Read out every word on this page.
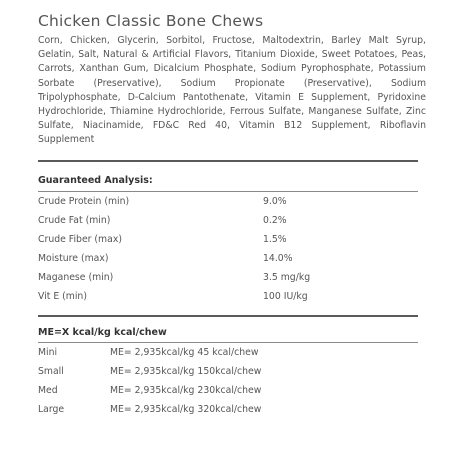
Chicken Classic Bone Chews

Corn, Chicken, Glycerin, Sorbitol, Fructose, Maltodextrin, Barley Malt Syrup, Gelatin, Salt, Natural & Artificial Flavors, Titanium Dioxide, Sweet Potatoes, Peas, Carrots, Xanthan Gum, Dicalcium Phosphate, Sodium Pyrophosphate, Potassium Sorbate (Preservative), Sodium Propionate (Preservative), Sodium Tripolyphosphate, D-Calcium Pantothenate, Vitamin E Supplement, Pyridoxine Hydrochloride, Thiamine Hydrochloride, Ferrous Sulfate, Manganese Sulfate, Zinc Sulfate, Niacinamide, FD&C Red 40, Vitamin B12 Supplement, Riboflavin Supplement

Guaranteed Analysis:
Crude Protein (min)	9.0%
Crude Fat (min)	0.2%
Crude Fiber (max)	1.5%
Moisture (max)	14.0%
Maganese (min)	3.5 mg/kg
Vit E (min)	100 IU/kg
ME=X kcal/kg kcal/chew
Mini	ME= 2,935kcal/kg 45 kcal/chew
Small	ME= 2,935kcal/kg 150kcal/chew
Med	ME= 2,935kcal/kg 230kcal/chew
Large	ME= 2,935kcal/kg 320kcal/chew
